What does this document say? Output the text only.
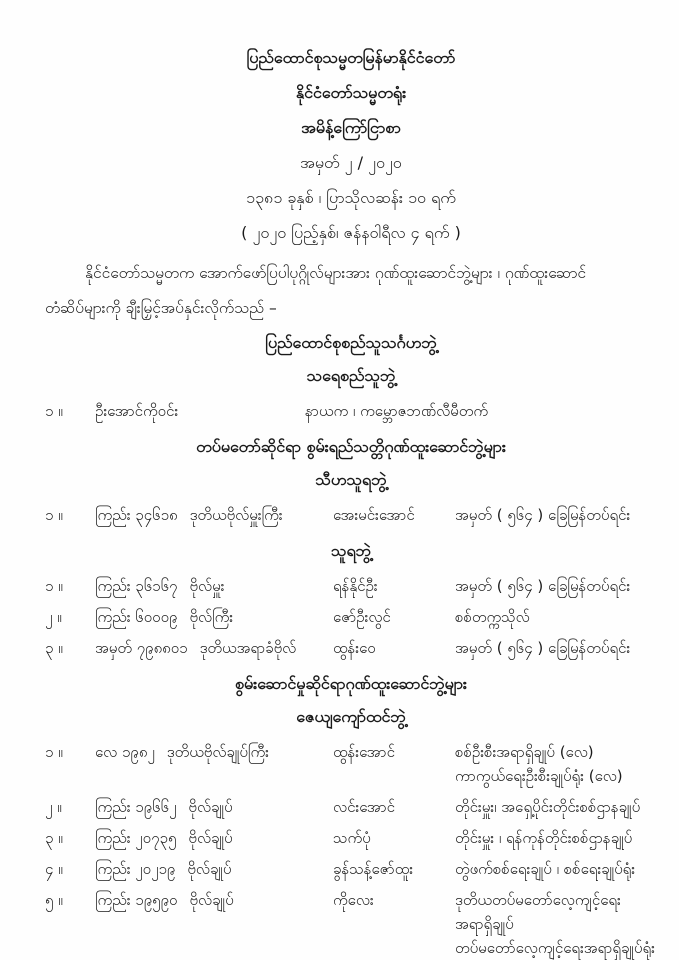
ပြည်ထောင်စုသမ္မတမြန်မာနိုင်ငံတော်
နိုင်ငံတော်သမ္မတရုံး
အမိန့်ကြော်ငြာစာ
အမှတ် ၂ / ၂၀၂၀
၁၃၈၁ ခုနှစ် ၊ ပြာသိုလဆန်း ၁၀ ရက်
( ၂၀၂၀ ပြည့်နှစ်၊ ဇန်နဝါရီလ ၄ ရက် )
နိုင်ငံတော်သမ္မတက အောက်ဖော်ပြပါပုဂ္ဂိုလ်များအား ဂုဏ်ထူးဆောင်ဘွဲ့များ ၊ ဂုဏ်ထူးဆောင်
တံဆိပ်များကို ချီးမြှင့်အပ်နှင်းလိုက်သည် –
ပြည်ထောင်စုစည်သူသင်္ဂဟဘွဲ့
သရေစည်သူဘွဲ့
၁ ။	ဦးအောင်ကိုဝင်း	နာယက ၊ ကမ္ဘောဇဘဏ်လီမီတက်
တပ်မတော်ဆိုင်ရာ စွမ်းရည်သတ္တိဂုဏ်ထူးဆောင်ဘွဲ့များ
သီဟသူရဘွဲ့
၁ ။	ကြည်း ၃၄၆၁၈ ဒုတိယဗိုလ်မှူးကြီး	အေးမင်းအောင်	အမှတ် ( ၅၆၄ ) ခြေမြန်တပ်ရင်း
သူရဘွဲ့
၁ ။	ကြည်း ၃၆၁၆၇ ဗိုလ်မှူး	ရန်နိုင်ဦး	အမှတ် ( ၅၆၄ ) ခြေမြန်တပ်ရင်း
၂ ။	ကြည်း ၆၀၀၀၉ ဗိုလ်ကြီး	ဇော်ဦးလွင်	စစ်တက္ကသိုလ်
၃ ။	အမှတ် ၇၉၈၈၀၁ ဒုတိယအရာခံဗိုလ် ထွန်းဝေ	အမှတ် ( ၅၆၄ ) ခြေမြန်တပ်ရင်း
စွမ်းဆောင်မှုဆိုင်ရာဂုဏ်ထူးဆောင်ဘွဲ့များ
ဇေယျကျော်ထင်ဘွဲ့
၁ ။	လေ ၁၉၈၂ ဒုတိယဗိုလ်ချုပ်ကြီး	ထွန်းအောင်	စစ်ဦးစီးအရာရှိချုပ် (လေ)
ကာကွယ်ရေးဦးစီးချုပ်ရုံး (လေ)
၂ ။	ကြည်း ၁၉၆၆၂ ဗိုလ်ချုပ်	လင်းအောင်	တိုင်းမှူး၊ အရှေ့ပိုင်းတိုင်းစစ်ဌာနချုပ်
၃ ။	ကြည်း ၂၀၇၃၅ ဗိုလ်ချုပ်	သက်ပုံ	တိုင်းမှူး ၊ ရန်ကုန်တိုင်းစစ်ဌာနချုပ်
၄ ။	ကြည်း ၂၀၂၁၉ ဗိုလ်ချုပ်	ခွန်သန့်ဇော်ထူး	တွဲဖက်စစ်ရေးချုပ် ၊ စစ်ရေးချုပ်ရုံး
၅ ။	ကြည်း ၁၉၅၉၀ ဗိုလ်ချုပ်	ကိုလေး	ဒုတိယတပ်မတော်လေ့ကျင့်ရေးအရာရှိချုပ်
တပ်မတော်လေ့ကျင့်ရေးအရာရှိချုပ်ရုံး
